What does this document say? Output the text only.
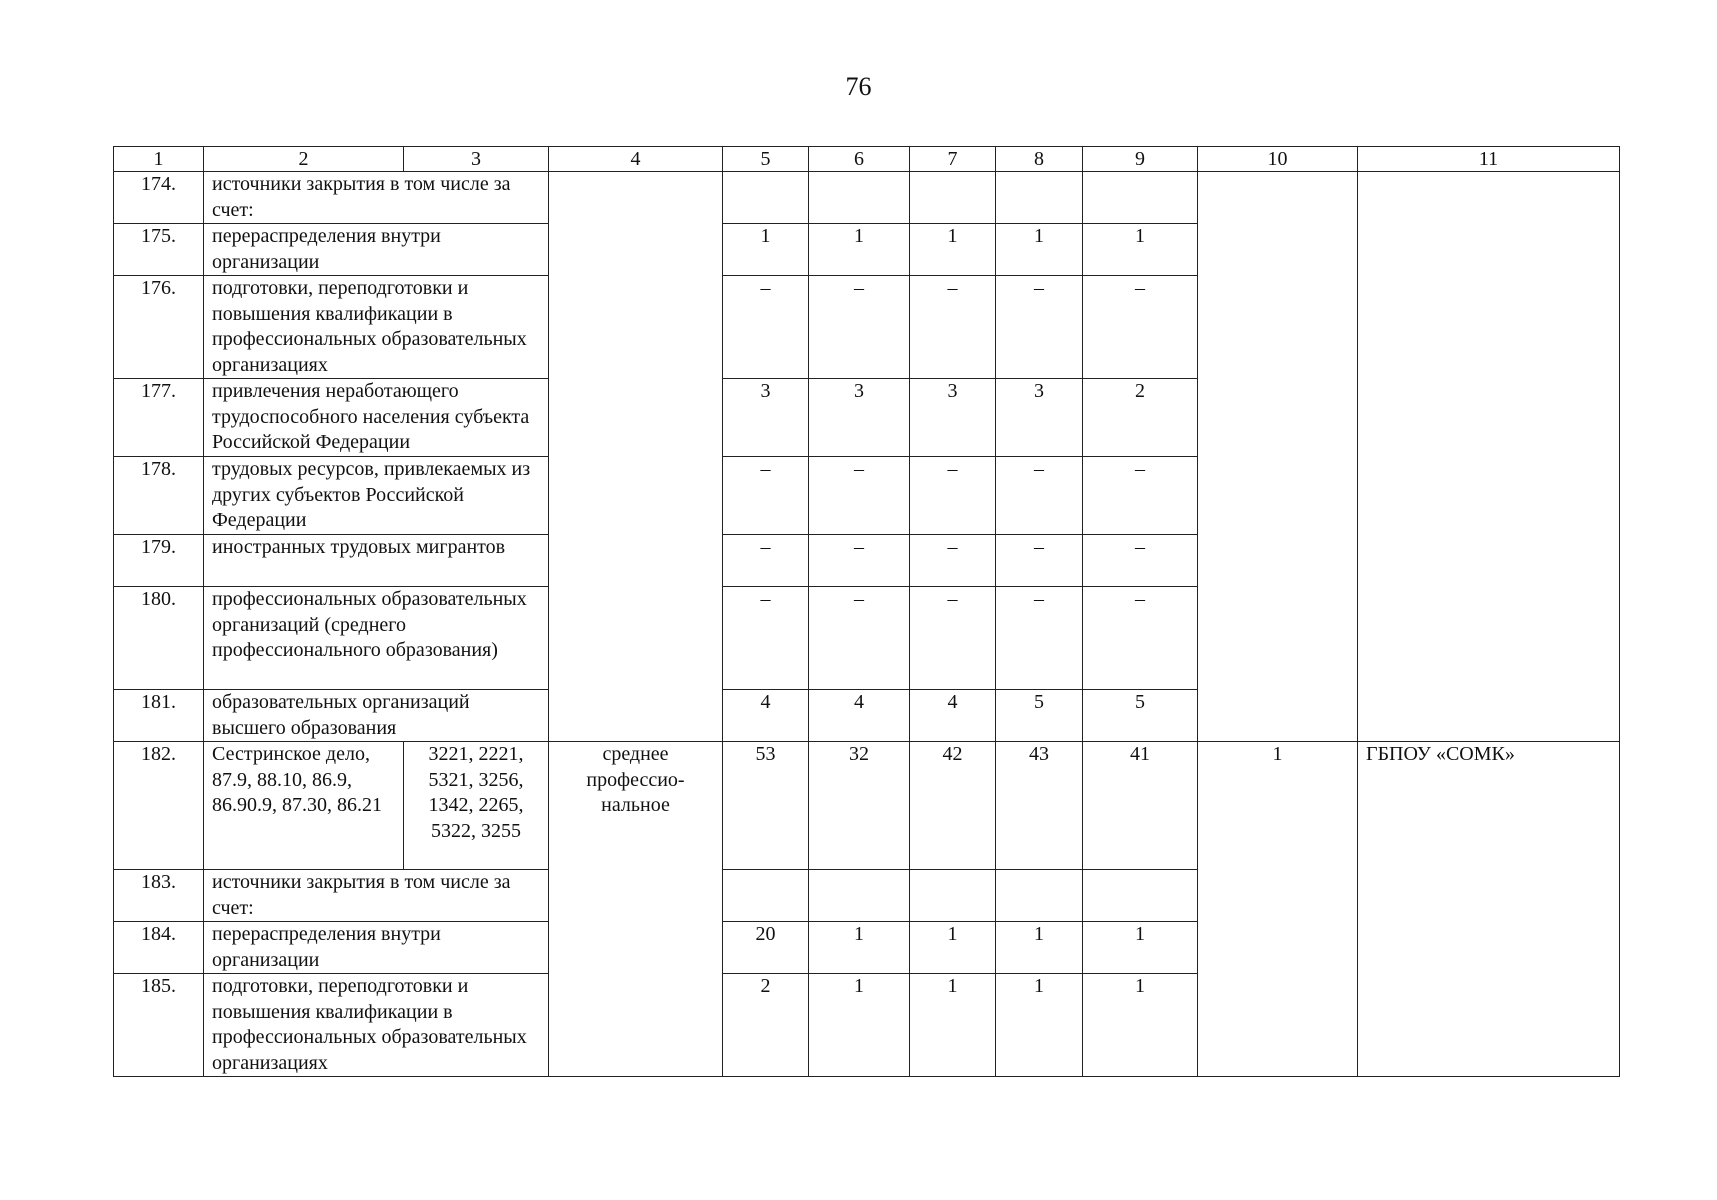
76
1	2	3	4	5	6	7	8	9	10	11
174.	источники закрытия в том числе за счет:									
175.	перераспределения внутри организации			1	1	1	1	1		
176.	подготовки, переподготовки и повышения квалификации в профессиональных образовательных организациях			–	–	–	–	–		
177.	привлечения неработающего трудоспособного населения субъекта Российской Федерации			3	3	3	3	2		
178.	трудовых ресурсов, привлекаемых из других субъектов Российской Федерации			–	–	–	–	–		
179.	иностранных трудовых мигрантов			–	–	–	–	–		
180.	профессиональных образовательных организаций (среднего профессионального образования)			–	–	–	–	–		
181.	образовательных организаций высшего образования			4	4	4	5	5		
182.	Сестринское дело, 87.9, 88.10, 86.9, 86.90.9, 87.30, 86.21	3221, 2221, 5321, 3256, 1342, 2265, 5322, 3255	среднее профессио-нальное	53	32	42	43	41	1	ГБПОУ «СОМК»
183.	источники закрытия в том числе за счет:									
184.	перераспределения внутри организации			20	1	1	1	1		
185.	подготовки, переподготовки и повышения квалификации в профессиональных образовательных организациях			2	1	1	1	1		
